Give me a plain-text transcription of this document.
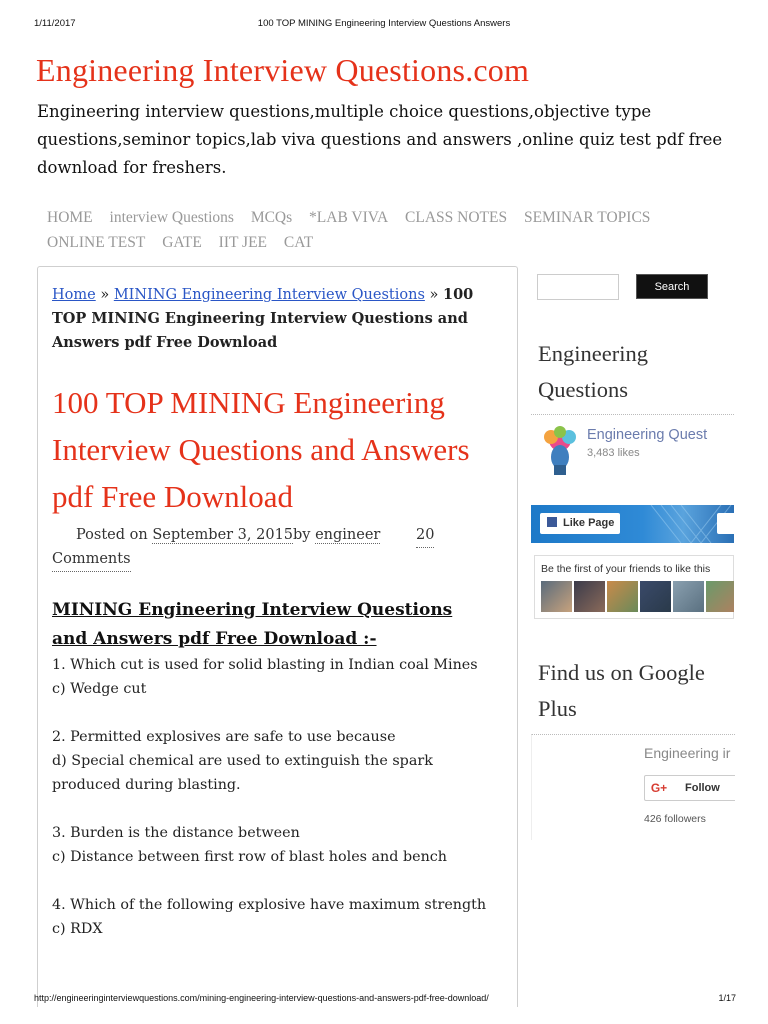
1/11/2017	100 TOP MINING Engineering Interview Questions Answers
Engineering Interview Questions.com
Engineering interview questions,multiple choice questions,objective type questions,seminor topics,lab viva questions and answers ,online quiz test pdf free download for freshers.
HOME interview Questions MCQs *LAB VIVA CLASS NOTES SEMINAR TOPICS
ONLINE TEST GATE IIT JEE CAT
Home » MINING Engineering Interview Questions » 100 TOP MINING Engineering Interview Questions and Answers pdf Free Download
100 TOP MINING Engineering Interview Questions and Answers pdf Free Download
Posted on September 3, 2015 by engineer 20
Comments
MINING Engineering Interview Questions and Answers pdf Free Download :-
1. Which cut is used for solid blasting in Indian coal Mines
c) Wedge cut
2. Permitted explosives are safe to use because
d) Special chemical are used to extinguish the spark produced during blasting.
3. Burden is the distance between
c) Distance between first row of blast holes and bench
4. Which of the following explosive have maximum strength
c) RDX
Search
Engineering Questions
Engineering Quest
3,483 likes
Like Page
Be the first of your friends to like this
Find us on Google Plus
Engineering ir
G+	Follow
426 followers
http://engineeringinterviewquestions.com/mining-engineering-interview-questions-and-answers-pdf-free-download/	1/17
